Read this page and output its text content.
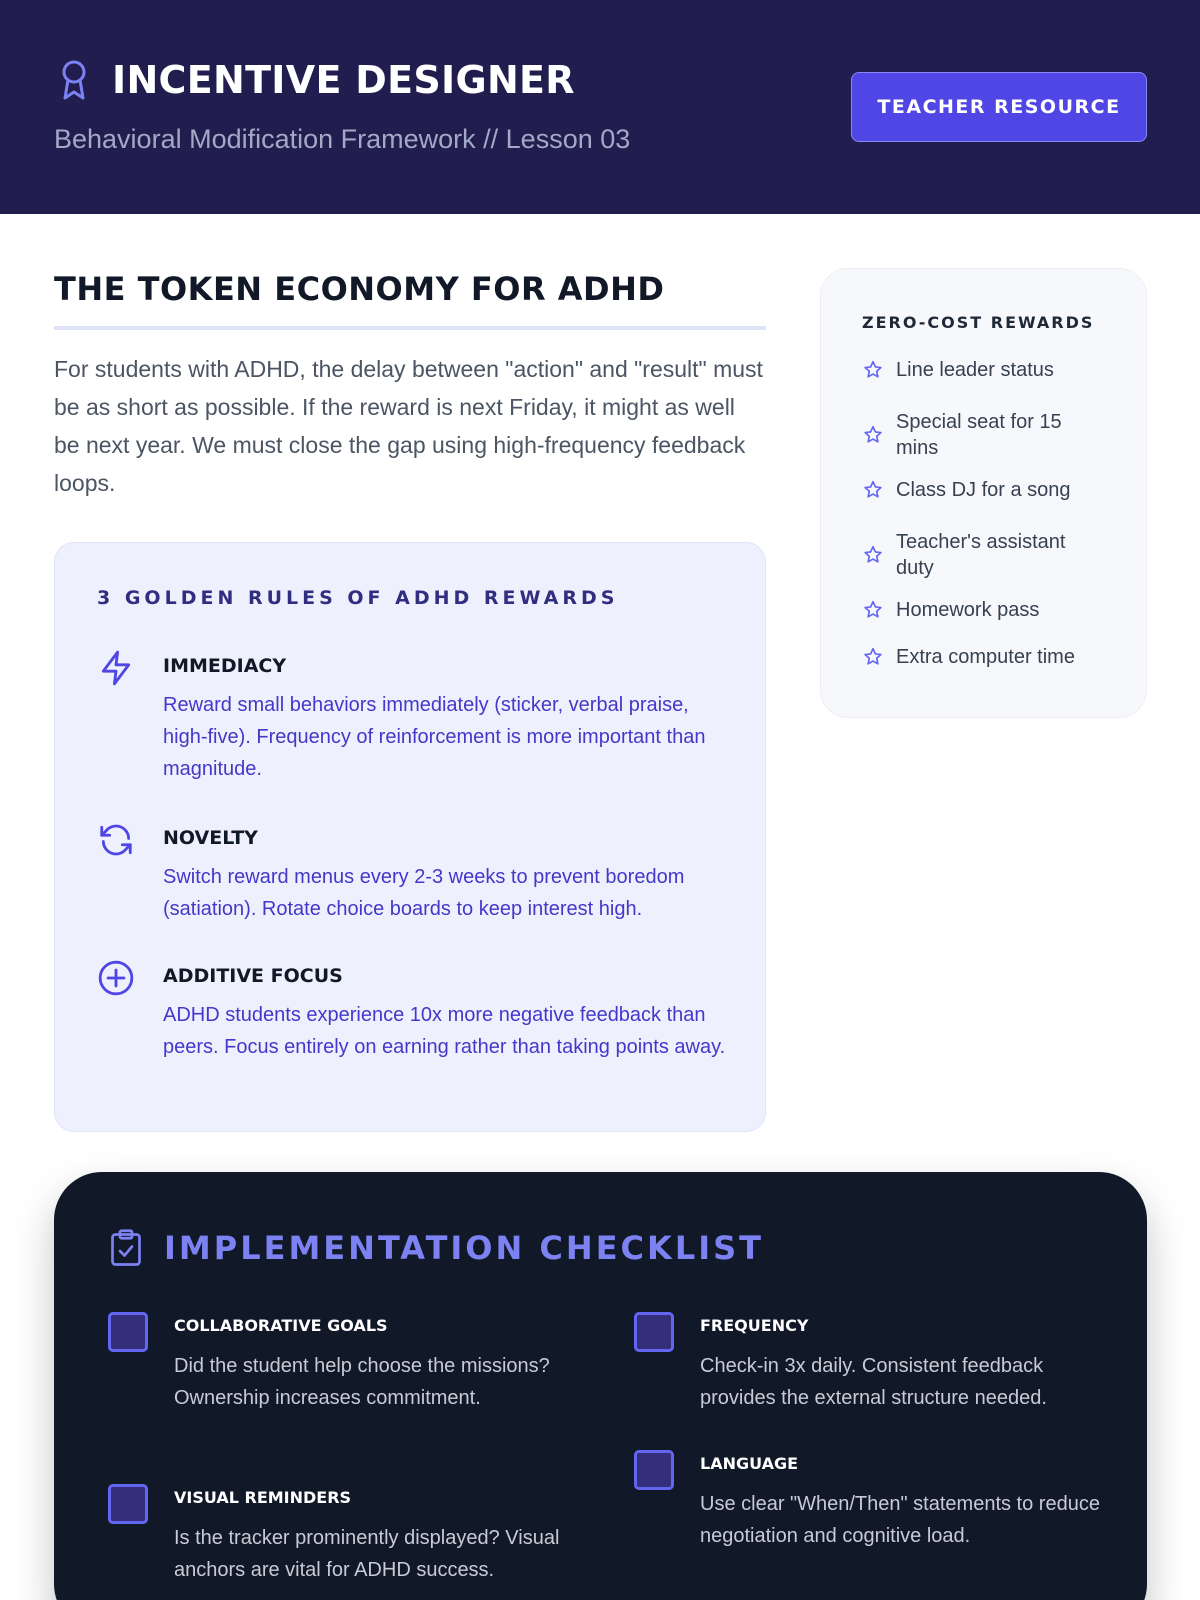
INCENTIVE DESIGNER
Behavioral Modification Framework // Lesson 03
TEACHER RESOURCE
THE TOKEN ECONOMY FOR ADHD

For students with ADHD, the delay between "action" and "result" must be as short as possible. If the reward is next Friday, it might as well be next year. We must close the gap using high-frequency feedback loops.

3 GOLDEN RULES OF ADHD REWARDS
IMMEDIACY
Reward small behaviors immediately (sticker, verbal praise, high-five). Frequency of reinforcement is more important than magnitude.
NOVELTY
Switch reward menus every 2-3 weeks to prevent boredom (satiation). Rotate choice boards to keep interest high.
ADDITIVE FOCUS
ADHD students experience 10x more negative feedback than peers. Focus entirely on earning rather than taking points away.
ZERO-COST REWARDS
Line leader status
Special seat for 15 mins
Class DJ for a song
Teacher's assistant duty
Homework pass
Extra computer time
IMPLEMENTATION CHECKLIST
COLLABORATIVE GOALS
Did the student help choose the missions? Ownership increases commitment.
FREQUENCY
Check-in 3x daily. Consistent feedback provides the external structure needed.
VISUAL REMINDERS
Is the tracker prominently displayed? Visual anchors are vital for ADHD success.
LANGUAGE
Use clear "When/Then" statements to reduce negotiation and cognitive load.
